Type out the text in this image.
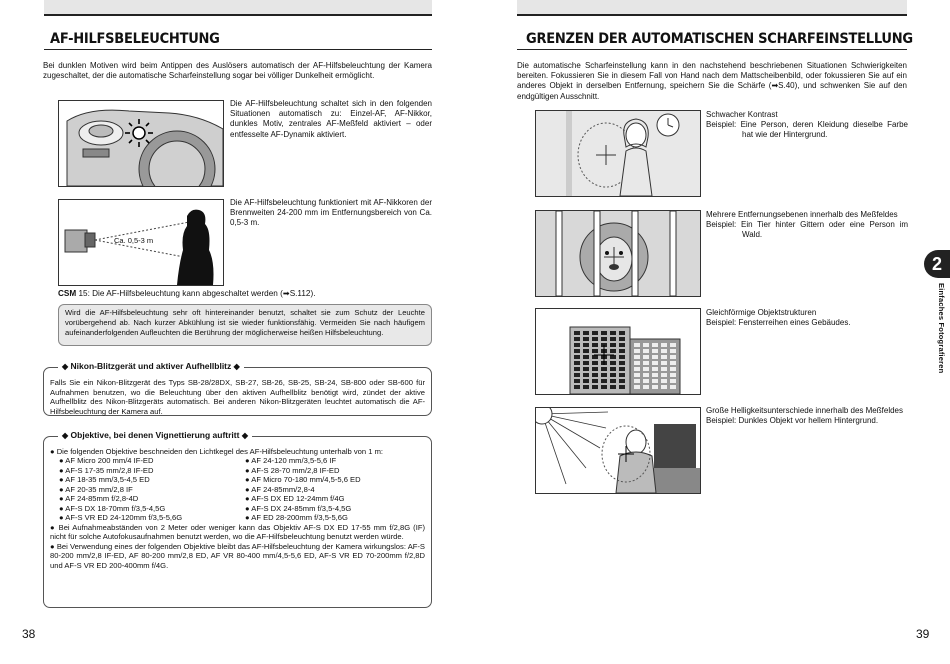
AF-HILFSBELEUCHTUNG

Bei dunklen Motiven wird beim Antippen des Auslösers automatisch der AF-Hilfsbeleuchtung der Kamera zugeschaltet, der die automatische Scharfeinstellung sogar bei völliger Dunkelheit ermöglicht.

Die AF-Hilfsbeleuchtung schaltet sich in den folgenden Situationen automatisch zu: Einzel-AF, AF-Nikkor, dunkles Motiv, zentrales AF-Meßfeld aktiviert – oder entfesselte AF-Dynamik aktiviert.

Ca. 0,5-3 m

Die AF-Hilfsbeleuchtung funktioniert mit AF-Nikkoren der Brennweiten 24-200 mm im Entfernungsbereich von Ca. 0,5-3 m.

CSM 15: Die AF-Hilfsbeleuchtung kann abgeschaltet werden (➡S.112).
Wird die AF-Hilfsbeleuchtung sehr oft hintereinander benutzt, schaltet sie zum Schutz der Leuchte vorübergehend ab. Nach kurzer Abkühlung ist sie wieder funktionsfähig. Vermeiden Sie nach häufigem aufeinanderfolgenden Aufleuchten die Berührung der möglicherweise heißen Hilfsbeleuchtung.
◆ Nikon-Blitzgerät und aktiver Aufhellblitz ◆

Falls Sie ein Nikon-Blitzgerät des Typs SB-28/28DX, SB-27, SB-26, SB-25, SB-24, SB-800 oder SB-600 für Aufnahmen benutzen, wo die Beleuchtung über den aktiven Aufhellblitz benötigt wird, zündet der aktive Aufhellblitz des Nikon-Blitzgeräts automatisch. Bei anderen Nikon-Blitzgeräten leuchtet automatisch die AF-Hilfsbeleuchtung der Kamera auf.

◆ Objektive, bei denen Vignettierung auftritt ◆
● Die folgenden Objektive beschneiden den Lichtkegel des AF-Hilfsbeleuchtung unterhalb von 1 m:
● AF Micro 200 mm/4 IF-ED
● AF-S 17-35 mm/2,8 IF-ED
● AF 18-35 mm/3,5-4,5 ED
● AF 20-35 mm/2,8 IF
● AF 24-85mm f/2,8-4D
● AF-S DX 18-70mm f/3,5-4,5G
● AF-S VR ED 24-120mm f/3,5-5,6G
● AF 24-120 mm/3,5-5,6 IF
● AF-S 28-70 mm/2,8 IF-ED
● AF Micro 70-180 mm/4,5-5,6 ED
● AF 24-85mm/2,8-4
● AF-S DX ED 12-24mm f/4G
● AF-S DX 24-85mm f/3,5-4,5G
● AF ED 28-200mm f/3,5-5,6G

● Bei Aufnahmeabständen von 2 Meter oder weniger kann das Objektiv AF-S DX ED 17-55 mm f/2,8G (IF) nicht für solche Autofokusaufnahmen benutzt werden, wo die AF-Hilfsbeleuchtung benutzt werden würde.

● Bei Verwendung eines der folgenden Objektive bleibt das AF-Hilfsbeleuchtung der Kamera wirkungslos: AF-S 80-200 mm/2,8 IF-ED, AF 80-200 mm/2,8 ED, AF VR 80-400 mm/4,5-5,6 ED, AF-S VR ED 70-200mm f/2,8D und AF-S VR ED 200-400mm f/4G.

38
GRENZEN DER AUTOMATISCHEN SCHARFEINSTELLUNG

Die automatische Scharfeinstellung kann in den nachstehend beschriebenen Situationen Schwierigkeiten bereiten. Fokussieren Sie in diesem Fall von Hand nach dem Mattscheibenbild, oder fokussieren Sie auf ein anderes Objekt in derselben Entfernung, speichern Sie die Schärfe (➡S.40), und schwenken Sie auf den endgültigen Ausschnitt.

Schwacher Kontrast
Beispiel: Eine Person, deren Kleidung dieselbe Farbe hat wie der Hintergrund.

Mehrere Entfernungsebenen innerhalb des Meßfeldes
Beispiel: Ein Tier hinter Gittern oder eine Person im Wald.

Gleichförmige Objektstrukturen
Beispiel: Fensterreihen eines Gebäudes.

Große Helligkeitsunterschiede innerhalb des Meßfeldes
Beispiel: Dunkles Objekt vor hellem Hintergrund.

2
Einfaches Fotografieren
39
